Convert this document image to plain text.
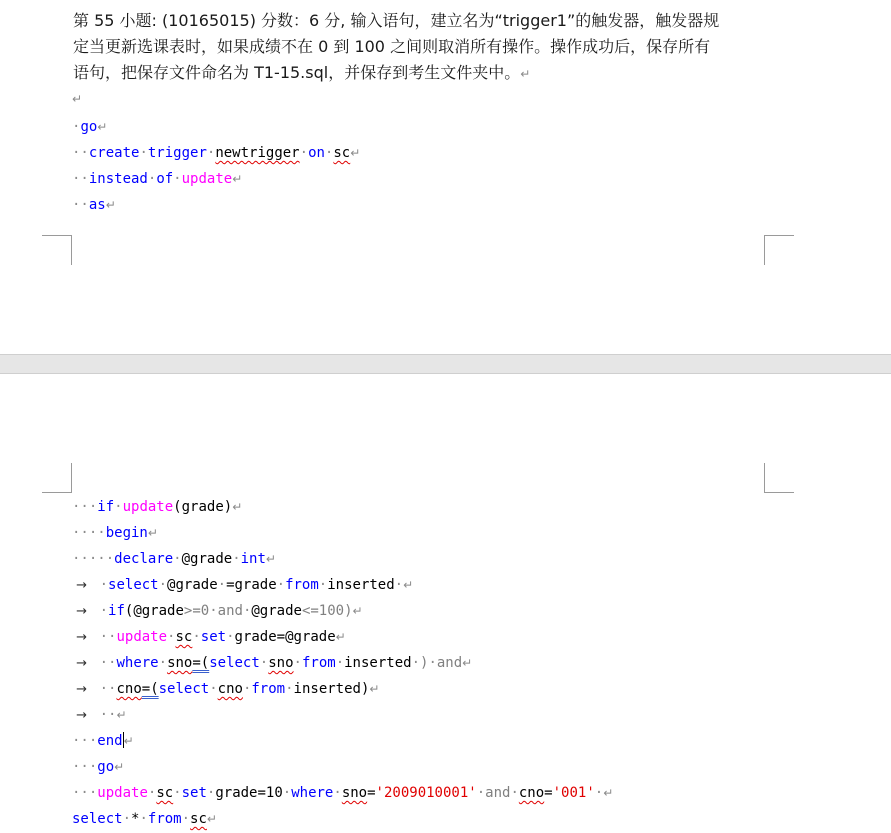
第 55 小题: (10165015) 分数：6 分, 输入语句，建立名为“trigger1”的触发器，触发器规
定当更新选课表时，如果成绩不在 0 到 100 之间则取消所有操作。操作成功后，保存所有
语句，把保存文件命名为 T1-15.sql，并保存到考生文件夹中。↵
↵
·go↵
··create·trigger·newtrigger·on·sc↵
··instead·of·update↵
··as↵
···if·update(grade)↵
····begin↵
·····declare·@grade·int↵
→  ·select·@grade·=grade·from·inserted·↵
→  ·if(@grade>=0·and·@grade<=100)↵
→  ··update·sc·set·grade=@grade↵
→  ··where·sno=(select·sno·from·inserted·)·and↵
→  ··cno=(select·cno·from·inserted)↵
→  ··↵
···end↵
···go↵
···update·sc·set·grade=10·where·sno='2009010001'·and·cno='001'·↵
select·*·from·sc↵
